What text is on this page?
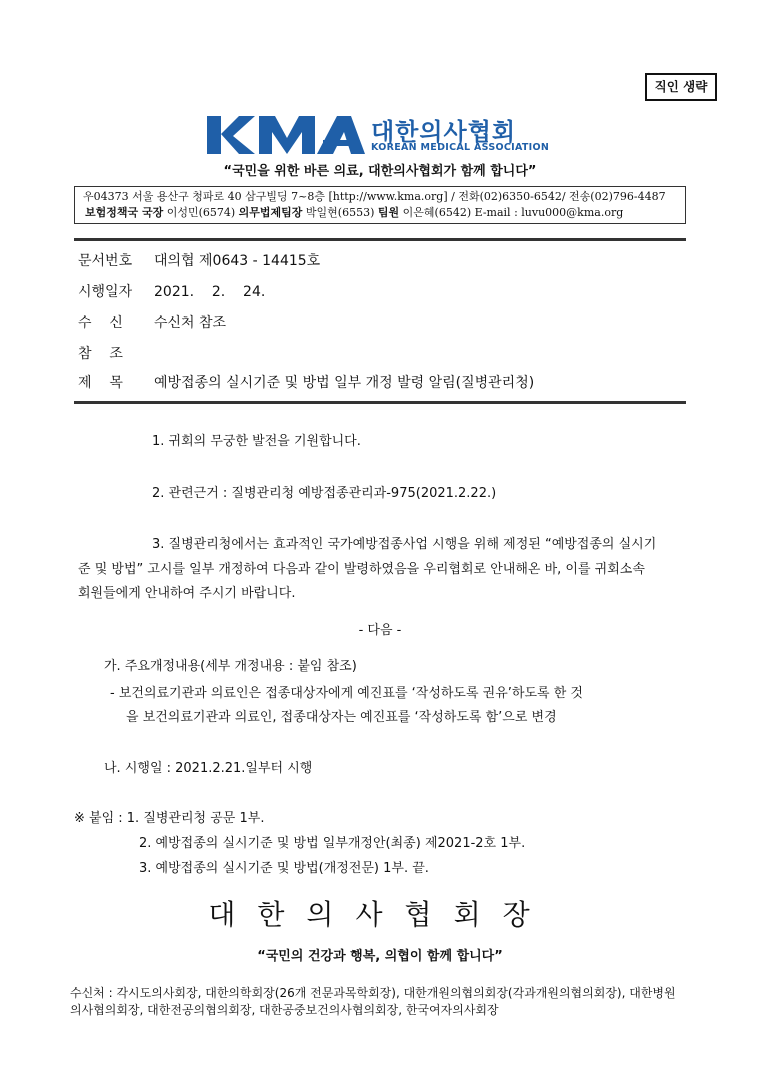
직인 생략
대한의사협회
KOREAN MEDICAL ASSOCIATION
“국민을 위한 바른 의료, 대한의사협회가 함께 합니다”
우04373 서울 용산구 청파로 40 삼구빌딩 7~8층 [http://www.kma.org] / 전화(02)6350-6542/ 전송(02)796-4487
보험정책국 국장 이성민(6574) 의무법제팀장 박일현(6553) 팀원 이은혜(6542) E-mail : luvu000@kma.org
문서번호 대의협 제0643 - 14415호
시행일자 2021.    2.    24.
수    신 수신처 참조
참    조
제    목 예방접종의 실시기준 및 방법 일부 개정 발령 알림(질병관리청)
1. 귀회의 무궁한 발전을 기원합니다.
2. 관련근거 : 질병관리청 예방접종관리과-975(2021.2.22.)
3. 질병관리청에서는 효과적인 국가예방접종사업 시행을 위해 제정된 “예방접종의 실시기
준 및 방법” 고시를 일부 개정하여 다음과 같이 발령하였음을 우리협회로 안내해온 바, 이를 귀회소속
회원들에게 안내하여 주시기 바랍니다.
- 다음 -
가. 주요개정내용(세부 개정내용 : 붙임 참조)
- 보건의료기관과 의료인은 접종대상자에게 예진표를 ‘작성하도록 권유’하도록 한 것
을 보건의료기관과 의료인, 접종대상자는 예진표를 ‘작성하도록 함’으로 변경
나. 시행일 : 2021.2.21.일부터 시행
※ 붙임 : 1. 질병관리청 공문 1부.
2. 예방접종의 실시기준 및 방법 일부개정안(최종) 제2021-2호 1부.
3. 예방접종의 실시기준 및 방법(개정전문) 1부. 끝.
대한의사협회장
“국민의 건강과 행복, 의협이 함께 합니다”
수신처 : 각시도의사회장, 대한의학회장(26개 전문과목학회장), 대한개원의협의회장(각과개원의협의회장), 대한병원
의사협의회장, 대한전공의협의회장, 대한공중보건의사협의회장, 한국여자의사회장
